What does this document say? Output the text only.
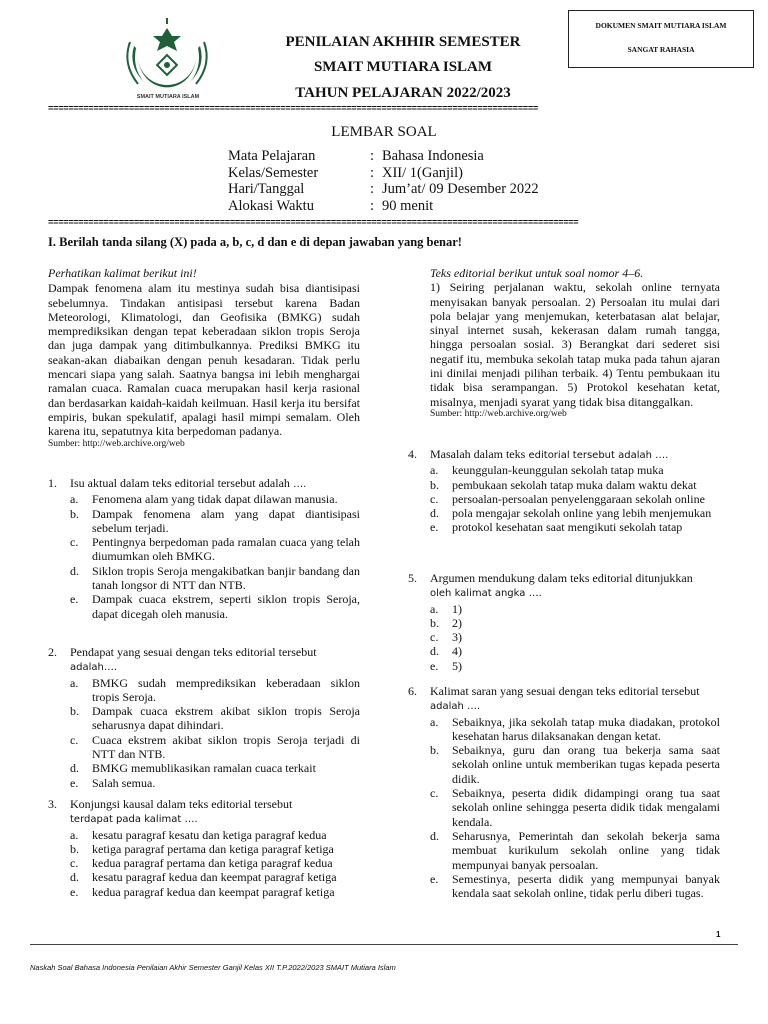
DOKUMEN SMAIT MUTIARA ISLAM
SANGAT RAHASIA
SMAIT MUTIARA ISLAM
PENILAIAN AKHHIR SEMESTER
SMAIT MUTIARA ISLAM
TAHUN PELAJARAN 2022/2023
=================================================================================================
LEMBAR SOAL
Mata Pelajaran	: Bahasa Indonesia
Kelas/Semester	: XII/ 1(Ganjil)
Hari/Tanggal	: Jum’at/ 09 Desember 2022
Alokasi Waktu	: 90 menit
=========================================================================================================
I. Berilah tanda silang (X) pada a, b, c, d dan e di depan jawaban yang benar!
Perhatikan kalimat berikut ini!

Dampak fenomena alam itu mestinya sudah bisa diantisipasi sebelumnya. Tindakan antisipasi tersebut karena Badan Meteorologi, Klimatologi, dan Geofisika (BMKG) sudah memprediksikan dengan tepat keberadaan siklon tropis Seroja dan juga dampak yang ditimbulkannya. Prediksi BMKG itu seakan-akan diabaikan dengan penuh kesadaran. Tidak perlu mencari siapa yang salah. Saatnya bangsa ini lebih menghargai ramalan cuaca. Ramalan cuaca merupakan hasil kerja rasional dan berdasarkan kaidah-kaidah keilmuan. Hasil kerja itu bersifat empiris, bukan spekulatif, apalagi hasil mimpi semalam. Oleh karena itu, sepatutnya kita berpedoman padanya.

Sumber: http://web.archive.org/web
1. Isu aktual dalam teks editorial tersebut adalah ….
a. Fenomena alam yang tidak dapat dilawan manusia.
b. Dampak fenomena alam yang dapat diantisipasi sebelum terjadi.
c. Pentingnya berpedoman pada ramalan cuaca yang telah diumumkan oleh BMKG.
d. Siklon tropis Seroja mengakibatkan banjir bandang dan tanah longsor di NTT dan NTB.
e. Dampak cuaca ekstrem, seperti siklon tropis Seroja, dapat dicegah oleh manusia.
2. Pendapat yang sesuai dengan teks editorial tersebut
adalah….
a. BMKG sudah memprediksikan keberadaan siklon tropis Seroja.
b. Dampak cuaca ekstrem akibat siklon tropis Seroja seharusnya dapat dihindari.
c. Cuaca ekstrem akibat siklon tropis Seroja terjadi di NTT dan NTB.
d. BMKG memublikasikan ramalan cuaca terkait
e. Salah semua.
3. Konjungsi kausal dalam teks editorial tersebut
terdapat pada kalimat ….
a. kesatu paragraf kesatu dan ketiga paragraf kedua
b. ketiga paragraf pertama dan ketiga paragraf ketiga
c. kedua paragraf pertama dan ketiga paragraf kedua
d. kesatu paragraf kedua dan keempat paragraf ketiga
e. kedua paragraf kedua dan keempat paragraf ketiga
Teks editorial berikut untuk soal nomor 4–6.

1) Seiring perjalanan waktu, sekolah online ternyata menyisakan banyak persoalan. 2) Persoalan itu mulai dari pola belajar yang menjemukan, keterbatasan alat belajar, sinyal internet susah, kekerasan dalam rumah tangga, hingga persoalan sosial. 3) Berangkat dari sederet sisi negatif itu, membuka sekolah tatap muka pada tahun ajaran ini dinilai menjadi pilihan terbaik. 4) Tentu pembukaan itu tidak bisa serampangan. 5) Protokol kesehatan ketat, misalnya, menjadi syarat yang tidak bisa ditanggalkan.

Sumber: http://web.archive.org/web
4. Masalah dalam teks editorial tersebut adalah ….
a. keunggulan-keunggulan sekolah tatap muka
b. pembukaan sekolah tatap muka dalam waktu dekat
c. persoalan-persoalan penyelenggaraan sekolah online
d. pola mengajar sekolah online yang lebih menjemukan
e. protokol kesehatan saat mengikuti sekolah tatap
5. Argumen mendukung dalam teks editorial ditunjukkan
oleh kalimat angka ….
a. 1)
b. 2)
c. 3)
d. 4)
e. 5)
6. Kalimat saran yang sesuai dengan teks editorial tersebut
adalah ….
a. Sebaiknya, jika sekolah tatap muka diadakan, protokol kesehatan harus dilaksanakan dengan ketat.
b. Sebaiknya, guru dan orang tua bekerja sama saat sekolah online untuk memberikan tugas kepada peserta didik.
c. Sebaiknya, peserta didik didampingi orang tua saat sekolah online sehingga peserta didik tidak mengalami kendala.
d. Seharusnya, Pemerintah dan sekolah bekerja sama membuat kurikulum sekolah online yang tidak mempunyai banyak persoalan.
e. Semestinya, peserta didik yang mempunyai banyak kendala saat sekolah online, tidak perlu diberi tugas.
1
Naskah Soal Bahasa Indonesia Penilaian Akhir Semester Ganjil Kelas XII T.P.2022/2023 SMAIT Mutiara Islam
